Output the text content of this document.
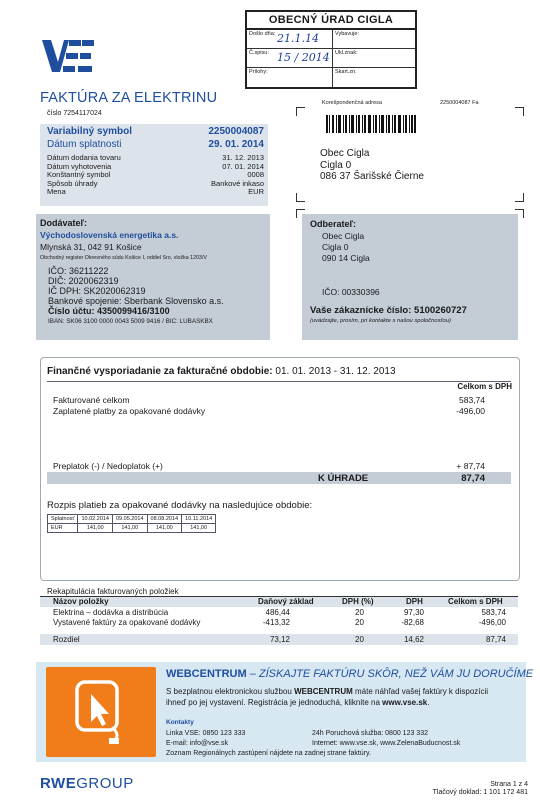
OBECNÝ ÚRAD CIGLA
Došlo dňa: 21.1.14	Vybavuje:
Č.spisu: 15 / 2014 Ukl.znak:
Prílohy:	Skart.zn.
FAKTÚRA ZA ELEKTRINU
číslo 7254117024
Variabilný symbol	2250004087
Dátum splatnosti	29. 01. 2014
Dátum dodania tovaru	31. 12. 2013
Dátum vyhotovenia	07. 01. 2014
Konštantný symbol	0008
Spôsob úhrady	Bankové inkaso
Mena	EUR
Korešpondenčná adresa	2250004087 Fa
Obec Cigla
Cigla 0
086 37 Šarišské Čierne
Dodávateľ:
Východoslovenská energetika a.s.
Mlynská 31, 042 91 Košice
Obchodný register Okresného súdu Košice I, oddiel Sro, vložka 1203/V
IČO: 36211222
DIČ: 2020062319
IČ DPH: SK2020062319
Bankové spojenie: Sberbank Slovensko a.s.
Číslo účtu: 4350099416/3100
IBAN: SK06 3100 0000 0043 5009 9416 / BIC: LUBASKBX
Odberateľ:
Obec Cigla
Cigla 0
090 14 Cigla
IČO: 00330396
Vaše zákaznícke číslo: 5100260727
(uvádzajte, prosím, pri kontakte s našou spoločnosťou)
Finančné vysporiadanie za fakturačné obdobie: 01. 01. 2013 - 31. 12. 2013
Celkom s DPH
Fakturované celkom	583,74
Zaplatené platby za opakované dodávky	-496,00
Preplatok (-) / Nedoplatok (+)	+ 87,74
K ÚHRADE	87,74
Rozpis platieb za opakované dodávky na nasledujúce obdobie:
Splatnosť	10.02.2014	09.05.2014	08.08.2014	10.11.2014
EUR	141,00	141,00	141,00	141,00
Rekapitulácia fakturovaných položiek
Názov položky	Daňový základ	DPH (%)	DPH	Celkom s DPH
Elektrina – dodávka a distribúcia	486,44	20	97,30	583,74
Vystavené faktúry za opakované dodávky	-413,32	20	-82,68	-496,00
Rozdiel	73,12	20	14,62	87,74
WEBCENTRUM – ZÍSKAJTE FAKTÚRU SKÔR, NEŽ VÁM JU DORUČÍME
S bezplatnou elektronickou službou WEBCENTRUM máte náhľad vašej faktúry k dispozícii
ihneď po jej vystavení. Registrácia je jednoduchá, kliknite na www.vse.sk.
Kontakty
Linka VSE: 0850 123 333
E-mail: info@vse.sk
Zoznam Regionálnych zastúpení nájdete na zadnej strane faktúry.
24h Poruchová služba: 0800 123 332
Internet: www.vse.sk, www.ZelenaBuducnost.sk
RWEGROUP	Strana 1 z 4
Tlačový doklad: 1 101 172 481
